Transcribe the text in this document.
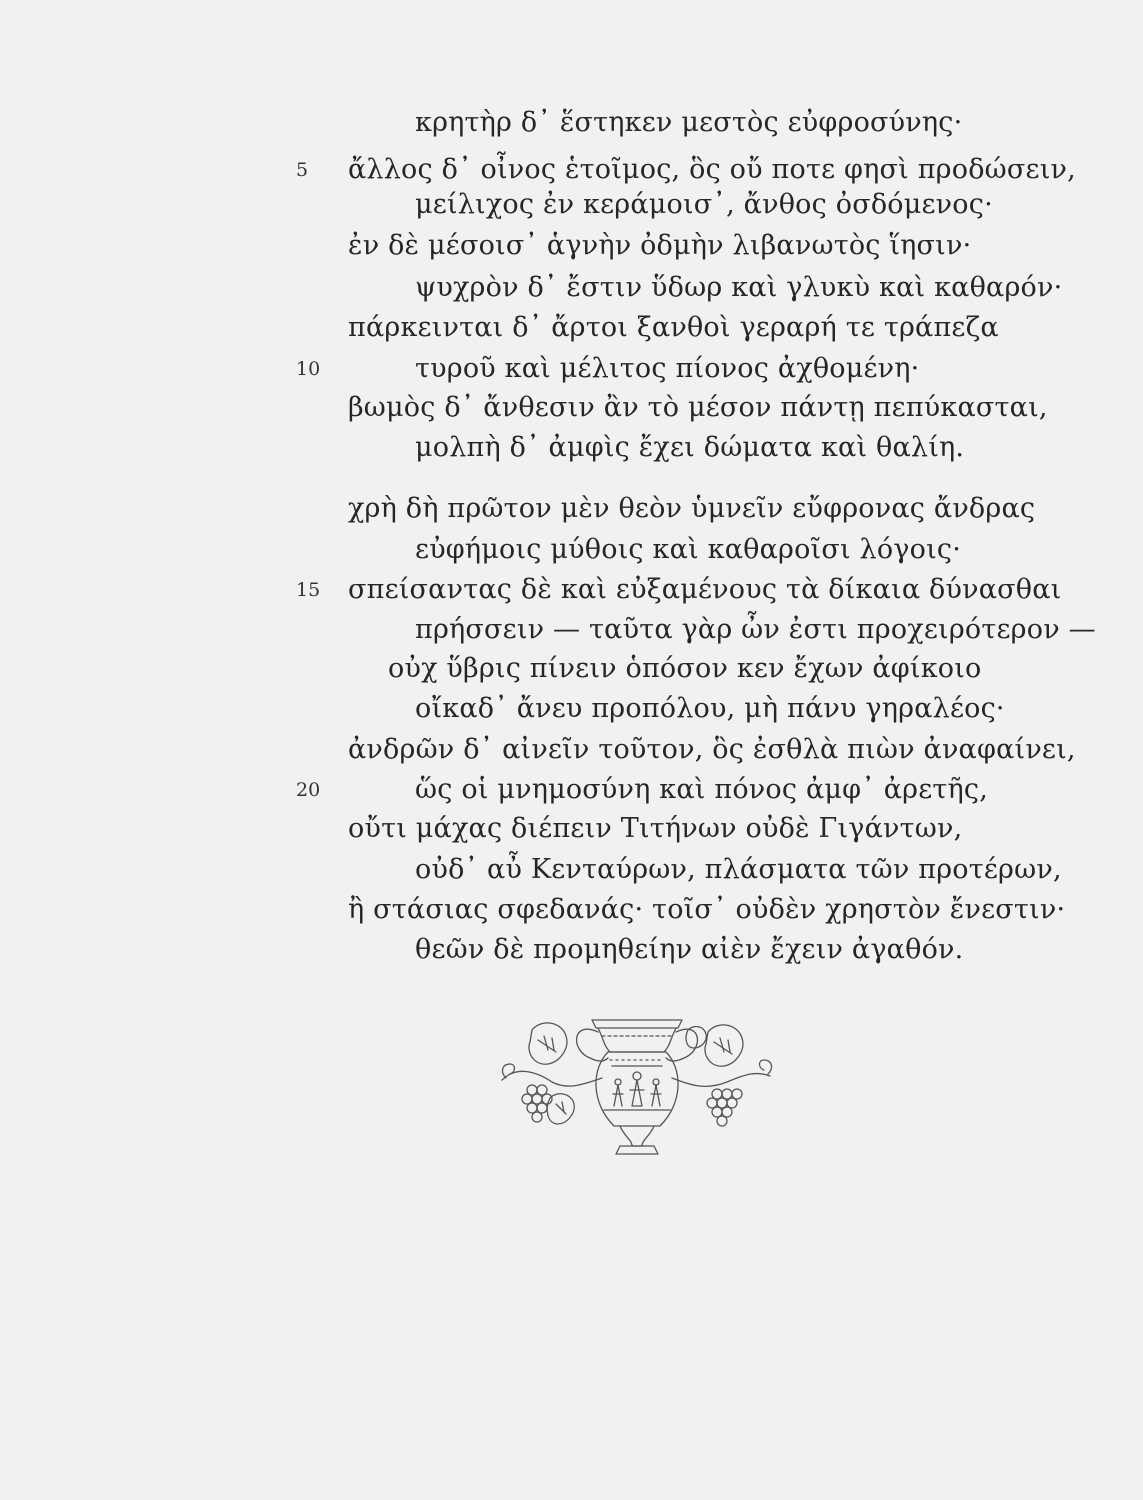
κρητὴρ δ᾽ ἕστηκεν μεστὸς εὐφροσύνης·
5 ἄλλος δ᾽ οἶνος ἑτοῖμος, ὃς οὔ ποτε φησὶ προδώσειν,
μείλιχος ἐν κεράμοισ᾽, ἄνθος ὀσδόμενος·
ἐν δὲ μέσοισ᾽ ἁγνὴν ὀδμὴν λιβανωτὸς ἵησιν·
ψυχρὸν δ᾽ ἔστιν ὕδωρ καὶ γλυκὺ καὶ καθαρόν·
πάρκεινται δ᾽ ἄρτοι ξανθοὶ γεραρή τε τράπεζα
10	τυροῦ καὶ μέλιτος πίονος ἀχθομένη·
βωμὸς δ᾽ ἄνθεσιν ἂν τὸ μέσον πάντῃ πεπύκασται,
μολπὴ δ᾽ ἀμφὶς ἔχει δώματα καὶ θαλίη.
χρὴ δὴ πρῶτον μὲν θεὸν ὑμνεῖν εὔφρονας ἄνδρας
εὐφήμοις μύθοις καὶ καθαροῖσι λόγοις·
15 σπείσαντας δὲ καὶ εὐξαμένους τὰ δίκαια δύνασθαι
πρήσσειν — ταῦτα γὰρ ὦν ἐστι προχειρότερον —
οὐχ ὕβρις πίνειν ὁπόσον κεν ἔχων ἀφίκοιο
οἴκαδ᾽ ἄνευ προπόλου, μὴ πάνυ γηραλέος·
ἀνδρῶν δ᾽ αἰνεῖν τοῦτον, ὃς ἐσθλὰ πιὼν ἀναφαίνει,
20	ὥς οἱ μνημοσύνη καὶ πόνος ἀμφ᾽ ἀρετῆς,
οὔτι μάχας διέπειν Τιτήνων οὐδὲ Γιγάντων,
οὐδ᾽ αὖ Κενταύρων, πλάσματα τῶν προτέρων,
ἢ στάσιας σφεδανάς· τοῖσ᾽ οὐδὲν χρηστὸν ἔνεστιν·
θεῶν δὲ προμηθείην αἰὲν ἔχειν ἀγαθόν.
